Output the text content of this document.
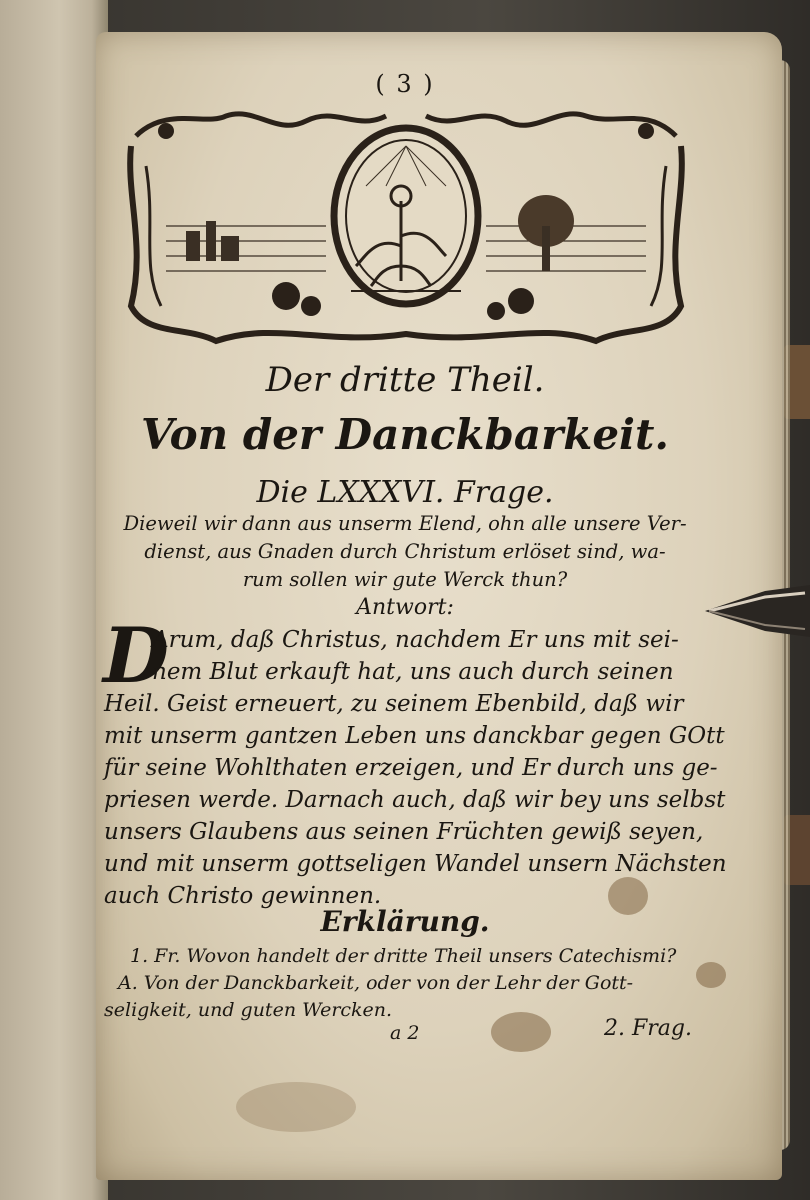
( 3 )
Der dritte Theil.
Von der Danckbarkeit.
Die LXXXVI. Frage.
Dieweil wir dann aus unserm Elend, ohn alle unsere Ver-
dienst, aus Gnaden durch Christum erlöset sind, wa-
rum sollen wir gute Werck thun?
Antwort:
D
Arum, daß Christus, nachdem Er uns mit sei-
nem Blut erkauft hat, uns auch durch seinen
Heil. Geist erneuert, zu seinem Ebenbild, daß wir
mit unserm gantzen Leben uns danckbar gegen GOtt
für seine Wohlthaten erzeigen, und Er durch uns ge-
priesen werde. Darnach auch, daß wir bey uns selbst
unsers Glaubens aus seinen Früchten gewiß seyen,
und mit unserm gottseligen Wandel unsern Nächsten
auch Christo gewinnen.
Erklärung.
1. Fr. Wovon handelt der dritte Theil unsers Catechismi?
A. Von der Danckbarkeit, oder von der Lehr der Gott-
seligkeit, und guten Wercken.
a 2	2. Frag.
